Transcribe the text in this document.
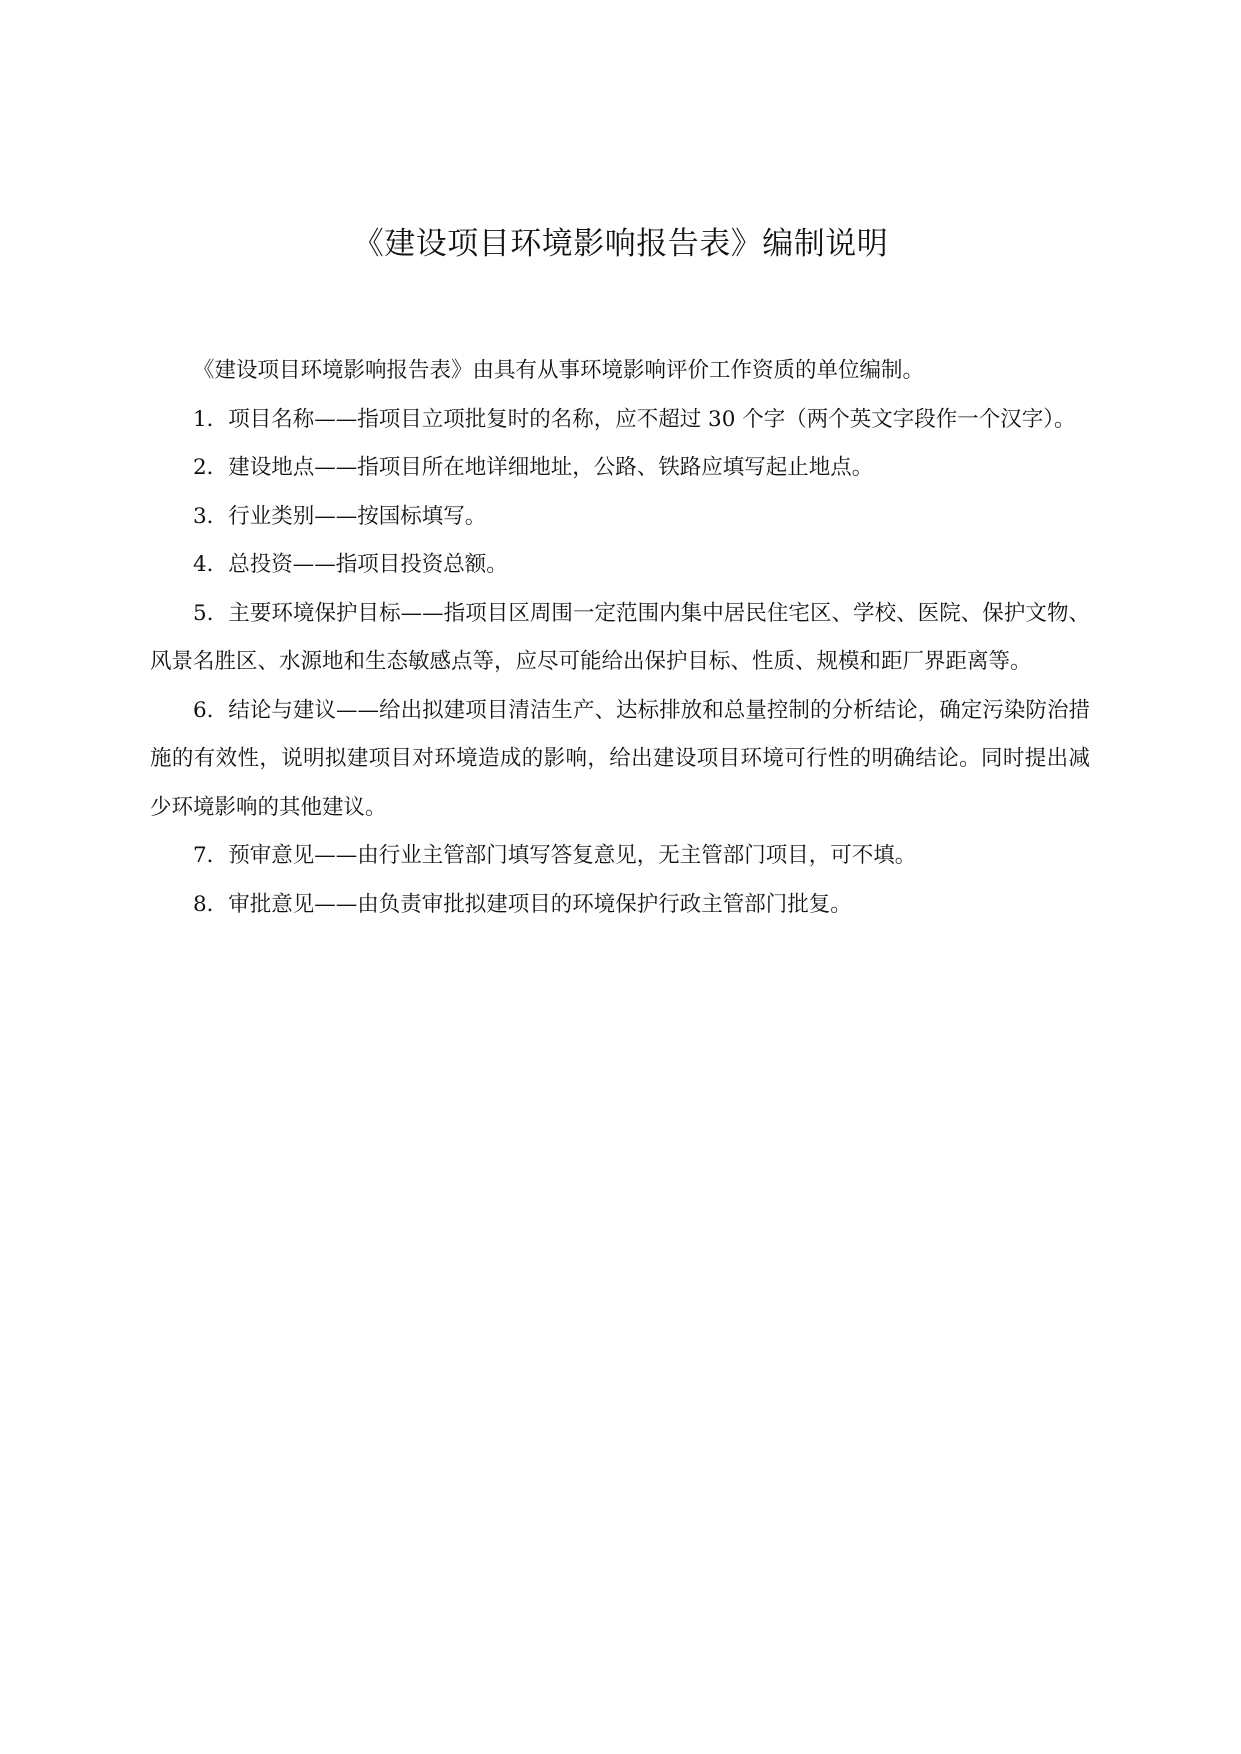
《建设项目环境影响报告表》编制说明

《建设项目环境影响报告表》由具有从事环境影响评价工作资质的单位编制。

1．项目名称——指项目立项批复时的名称，应不超过 30 个字（两个英文字段作一个汉字）。

2．建设地点——指项目所在地详细地址，公路、铁路应填写起止地点。

3．行业类别——按国标填写。

4．总投资——指项目投资总额。

5．主要环境保护目标——指项目区周围一定范围内集中居民住宅区、学校、医院、保护文物、风景名胜区、水源地和生态敏感点等，应尽可能给出保护目标、性质、规模和距厂界距离等。

6．结论与建议——给出拟建项目清洁生产、达标排放和总量控制的分析结论，确定污染防治措施的有效性，说明拟建项目对环境造成的影响，给出建设项目环境可行性的明确结论。同时提出减少环境影响的其他建议。

7．预审意见——由行业主管部门填写答复意见，无主管部门项目，可不填。

8．审批意见——由负责审批拟建项目的环境保护行政主管部门批复。
